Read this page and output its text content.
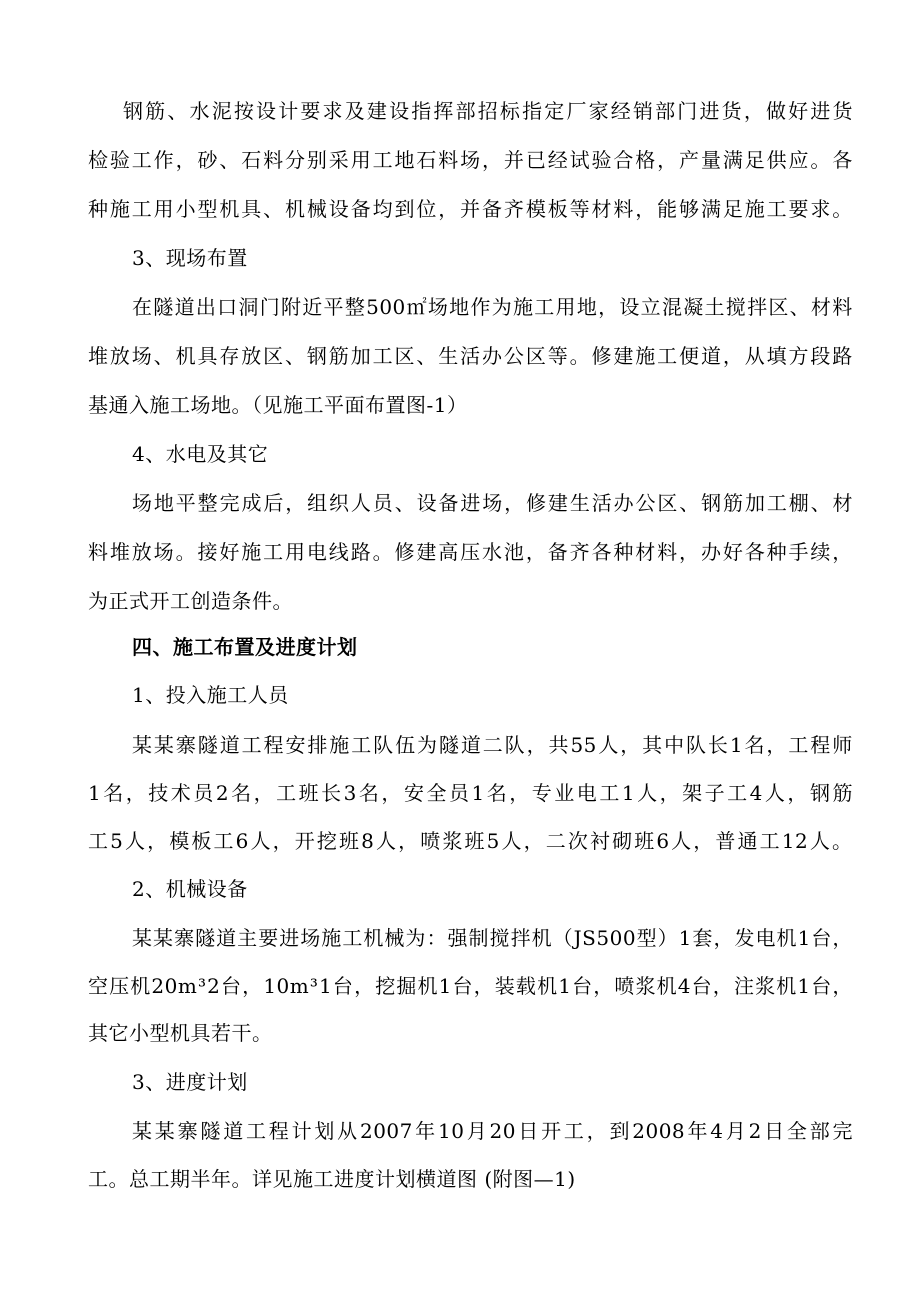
钢 筋 、 水 泥 按 设 计 要 求 及 建 设 指 挥 部 招 标 指 定 厂 家 经 销 部 门 进 货 ， 做 好 进 货
检 验 工 作 ， 砂 、 石 料 分 别 采 用 工 地 石 料 场 ， 并 已 经 试 验 合 格 ， 产 量 满 足 供 应 。 各
种 施 工 用 小 型 机 具 、 机 械 设 备 均 到 位 ， 并 备 齐 模 板 等 材 料 ， 能 够 满 足 施 工 要 求 。
3、现场布置
在 隧 道 出 口 洞 门 附 近 平 整 500 ㎡ 场 地 作 为 施 工 用 地 ， 设 立 混 凝 土 搅 拌 区 、 材 料
堆 放 场 、 机 具 存 放 区 、 钢 筋 加 工 区 、 生 活 办 公 区 等 。 修 建 施 工 便 道 ， 从 填 方 段 路
基通入施工场地。（见施工平面布置图-1）
4、水电及其它
场 地 平 整 完 成 后 ， 组 织 人 员 、 设 备 进 场 ， 修 建 生 活 办 公 区 、 钢 筋 加 工 棚 、 材
料 堆 放 场 。 接 好 施 工 用 电 线 路 。 修 建 高 压 水 池 ， 备 齐 各 种 材 料 ， 办 好 各 种 手 续 ，
为正式开工创造条件。
四、施工布置及进度计划
1、投入施工人员
某 某 寨 隧 道 工 程 安 排 施 工 队 伍 为 隧 道 二 队 ， 共 55 人 ， 其 中 队 长 1 名 ， 工 程 师
1 名 ， 技 术 员 2 名 ， 工 班 长 3 名 ， 安 全 员 1 名 ， 专 业 电 工 1 人 ， 架 子 工 4 人 ， 钢 筋
工 5 人 ， 模 板 工 6 人 ， 开 挖 班 8 人 ， 喷 浆 班 5 人 ， 二 次 衬 砌 班 6 人 ， 普 通 工 12 人 。
2、机械设备
某 某 寨 隧 道 主 要 进 场 施 工 机 械 为 ： 强 制 搅 拌 机 （ JS500 型 ） 1 套 ， 发 电 机 1 台 ，
空 压 机 20m ³ 2 台 ， 10m ³ 1 台 ， 挖 掘 机 1 台 ， 装 载 机 1 台 ， 喷 浆 机 4 台 ， 注 浆 机 1 台 ，
其它小型机具若干。
3、进度计划
某 某 寨 隧 道 工 程 计 划 从 2007 年 10 月 20 日 开 工 ， 到 2008 年 4 月 2 日 全 部 完
工。总工期半年。详见施工进度计划横道图 (附图—1)
